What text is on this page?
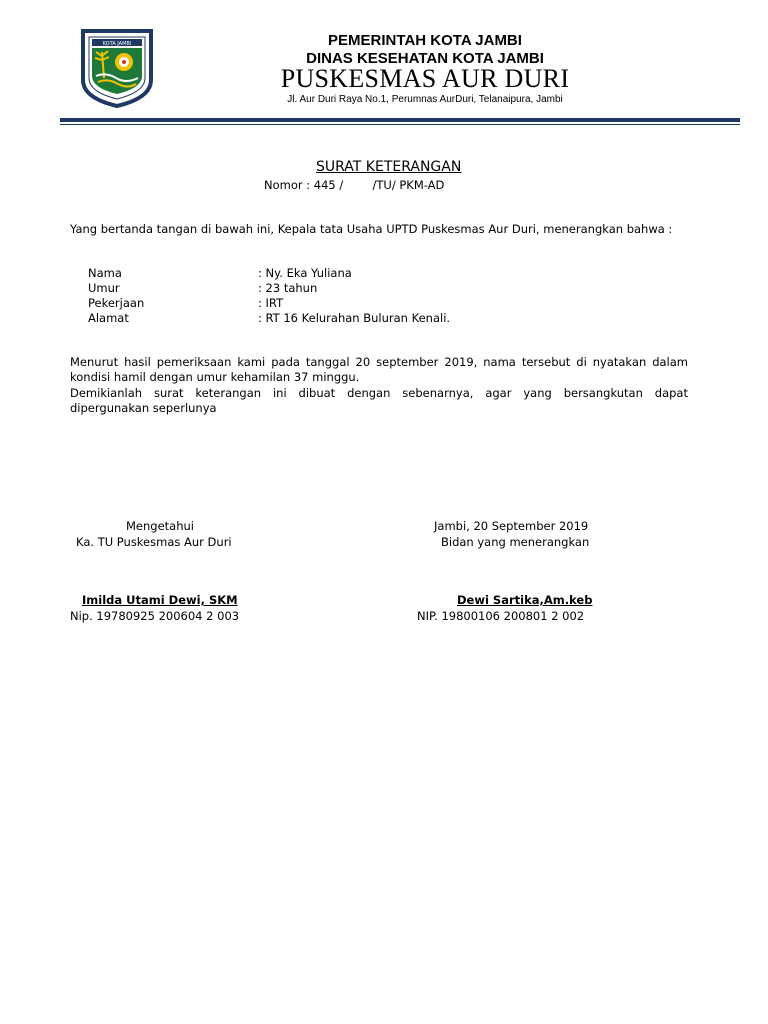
KOTA JAMBI	PEMERINTAH KOTA JAMBI
DINAS KESEHATAN KOTA JAMBI
PUSKESMAS AUR DURI
Jl. Aur Duri Raya No.1, Perumnas AurDuri, Telanaipura, Jambi
SURAT KETERANGAN
Nomor : 445 /        /TU/ PKM-AD
Yang bertanda tangan di bawah ini, Kepala tata Usaha UPTD Puskesmas Aur Duri, menerangkan bahwa :
Nama	: Ny. Eka Yuliana
Umur	: 23 tahun
Pekerjaan	: IRT
Alamat	: RT 16 Kelurahan Buluran Kenali.
Menurut hasil pemeriksaan kami pada tanggal 20 september 2019, nama tersebut di nyatakan dalam kondisi hamil dengan umur kehamilan 37 minggu.
Demikianlah surat keterangan ini dibuat dengan sebenarnya, agar yang bersangkutan dapat dipergunakan seperlunya
Mengetahui
Ka. TU Puskesmas Aur Duri
Imilda Utami Dewi, SKM
Nip. 19780925 200604 2 003
Jambi, 20 September 2019
Bidan yang menerangkan
Dewi Sartika,Am.keb
NIP. 19800106 200801 2 002
